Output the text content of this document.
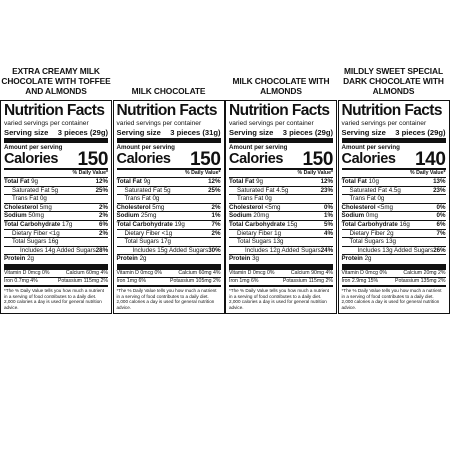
EXTRA CREAMY MILK CHOCOLATE WITH TOFFEE AND ALMONDS
Nutrition Facts
varied servings per container
Serving size 3 pieces (29g)
Amount per serving
Calories 150
% Daily Value*
Total Fat 9g	12%
Saturated Fat 5g	25%
Trans Fat 0g
Cholesterol 5mg	2%
Sodium 50mg	2%
Total Carbohydrate 17g	6%
Dietary Fiber <1g	2%
Total Sugars 16g
Includes 14g Added Sugars 28%
Protein 2g
Vitamin D 0mcg 0%	Calcium 60mg 4%
Iron 0.7mg 4%	Potassium 115mg 2%
*The % Daily Value tells you how much a nutrient in a serving of food contributes to a daily diet. 2,000 calories a day is used for general nutrition advice.
MILK CHOCOLATE
Nutrition Facts
varied servings per container
Serving size 3 pieces (31g)
Amount per serving
Calories 150
% Daily Value*
Total Fat 9g	12%
Saturated Fat 5g	25%
Trans Fat 0g
Cholesterol 5mg	2%
Sodium 25mg	1%
Total Carbohydrate 19g	7%
Dietary Fiber <1g	2%
Total Sugars 17g
Includes 15g Added Sugars 30%
Protein 2g
Vitamin D 0mcg 0%	Calcium 60mg 4%
Iron 1mg 6%	Potassium 105mg 2%
*The % Daily Value tells you how much a nutrient in a serving of food contributes to a daily diet. 2,000 calories a day is used for general nutrition advice.
MILK CHOCOLATE WITH ALMONDS
Nutrition Facts
varied servings per container
Serving size 3 pieces (29g)
Amount per serving
Calories 150
% Daily Value*
Total Fat 9g	12%
Saturated Fat 4.5g	23%
Trans Fat 0g
Cholesterol <5mg	0%
Sodium 20mg	1%
Total Carbohydrate 15g	5%
Dietary Fiber 1g	4%
Total Sugars 13g
Includes 12g Added Sugars 24%
Protein 3g
Vitamin D 0mcg 0%	Calcium 90mg 4%
Iron 1mg 6%	Potassium 115mg 2%
*The % Daily Value tells you how much a nutrient in a serving of food contributes to a daily diet. 2,000 calories a day is used for general nutrition advice.
MILDLY SWEET SPECIAL DARK CHOCOLATE WITH ALMONDS
Nutrition Facts
varied servings per container
Serving size 3 pieces (29g)
Amount per serving
Calories 140
% Daily Value*
Total Fat 10g	13%
Saturated Fat 4.5g	23%
Trans Fat 0g
Cholesterol <5mg	0%
Sodium 0mg	0%
Total Carbohydrate 16g	6%
Dietary Fiber 2g	7%
Total Sugars 13g
Includes 13g Added Sugars 26%
Protein 2g
Vitamin D 0mcg 0%	Calcium 20mg 2%
Iron 2.9mg 15%	Potassium 135mg 2%
*The % Daily Value tells you how much a nutrient in a serving of food contributes to a daily diet. 2,000 calories a day is used for general nutrition advice.
